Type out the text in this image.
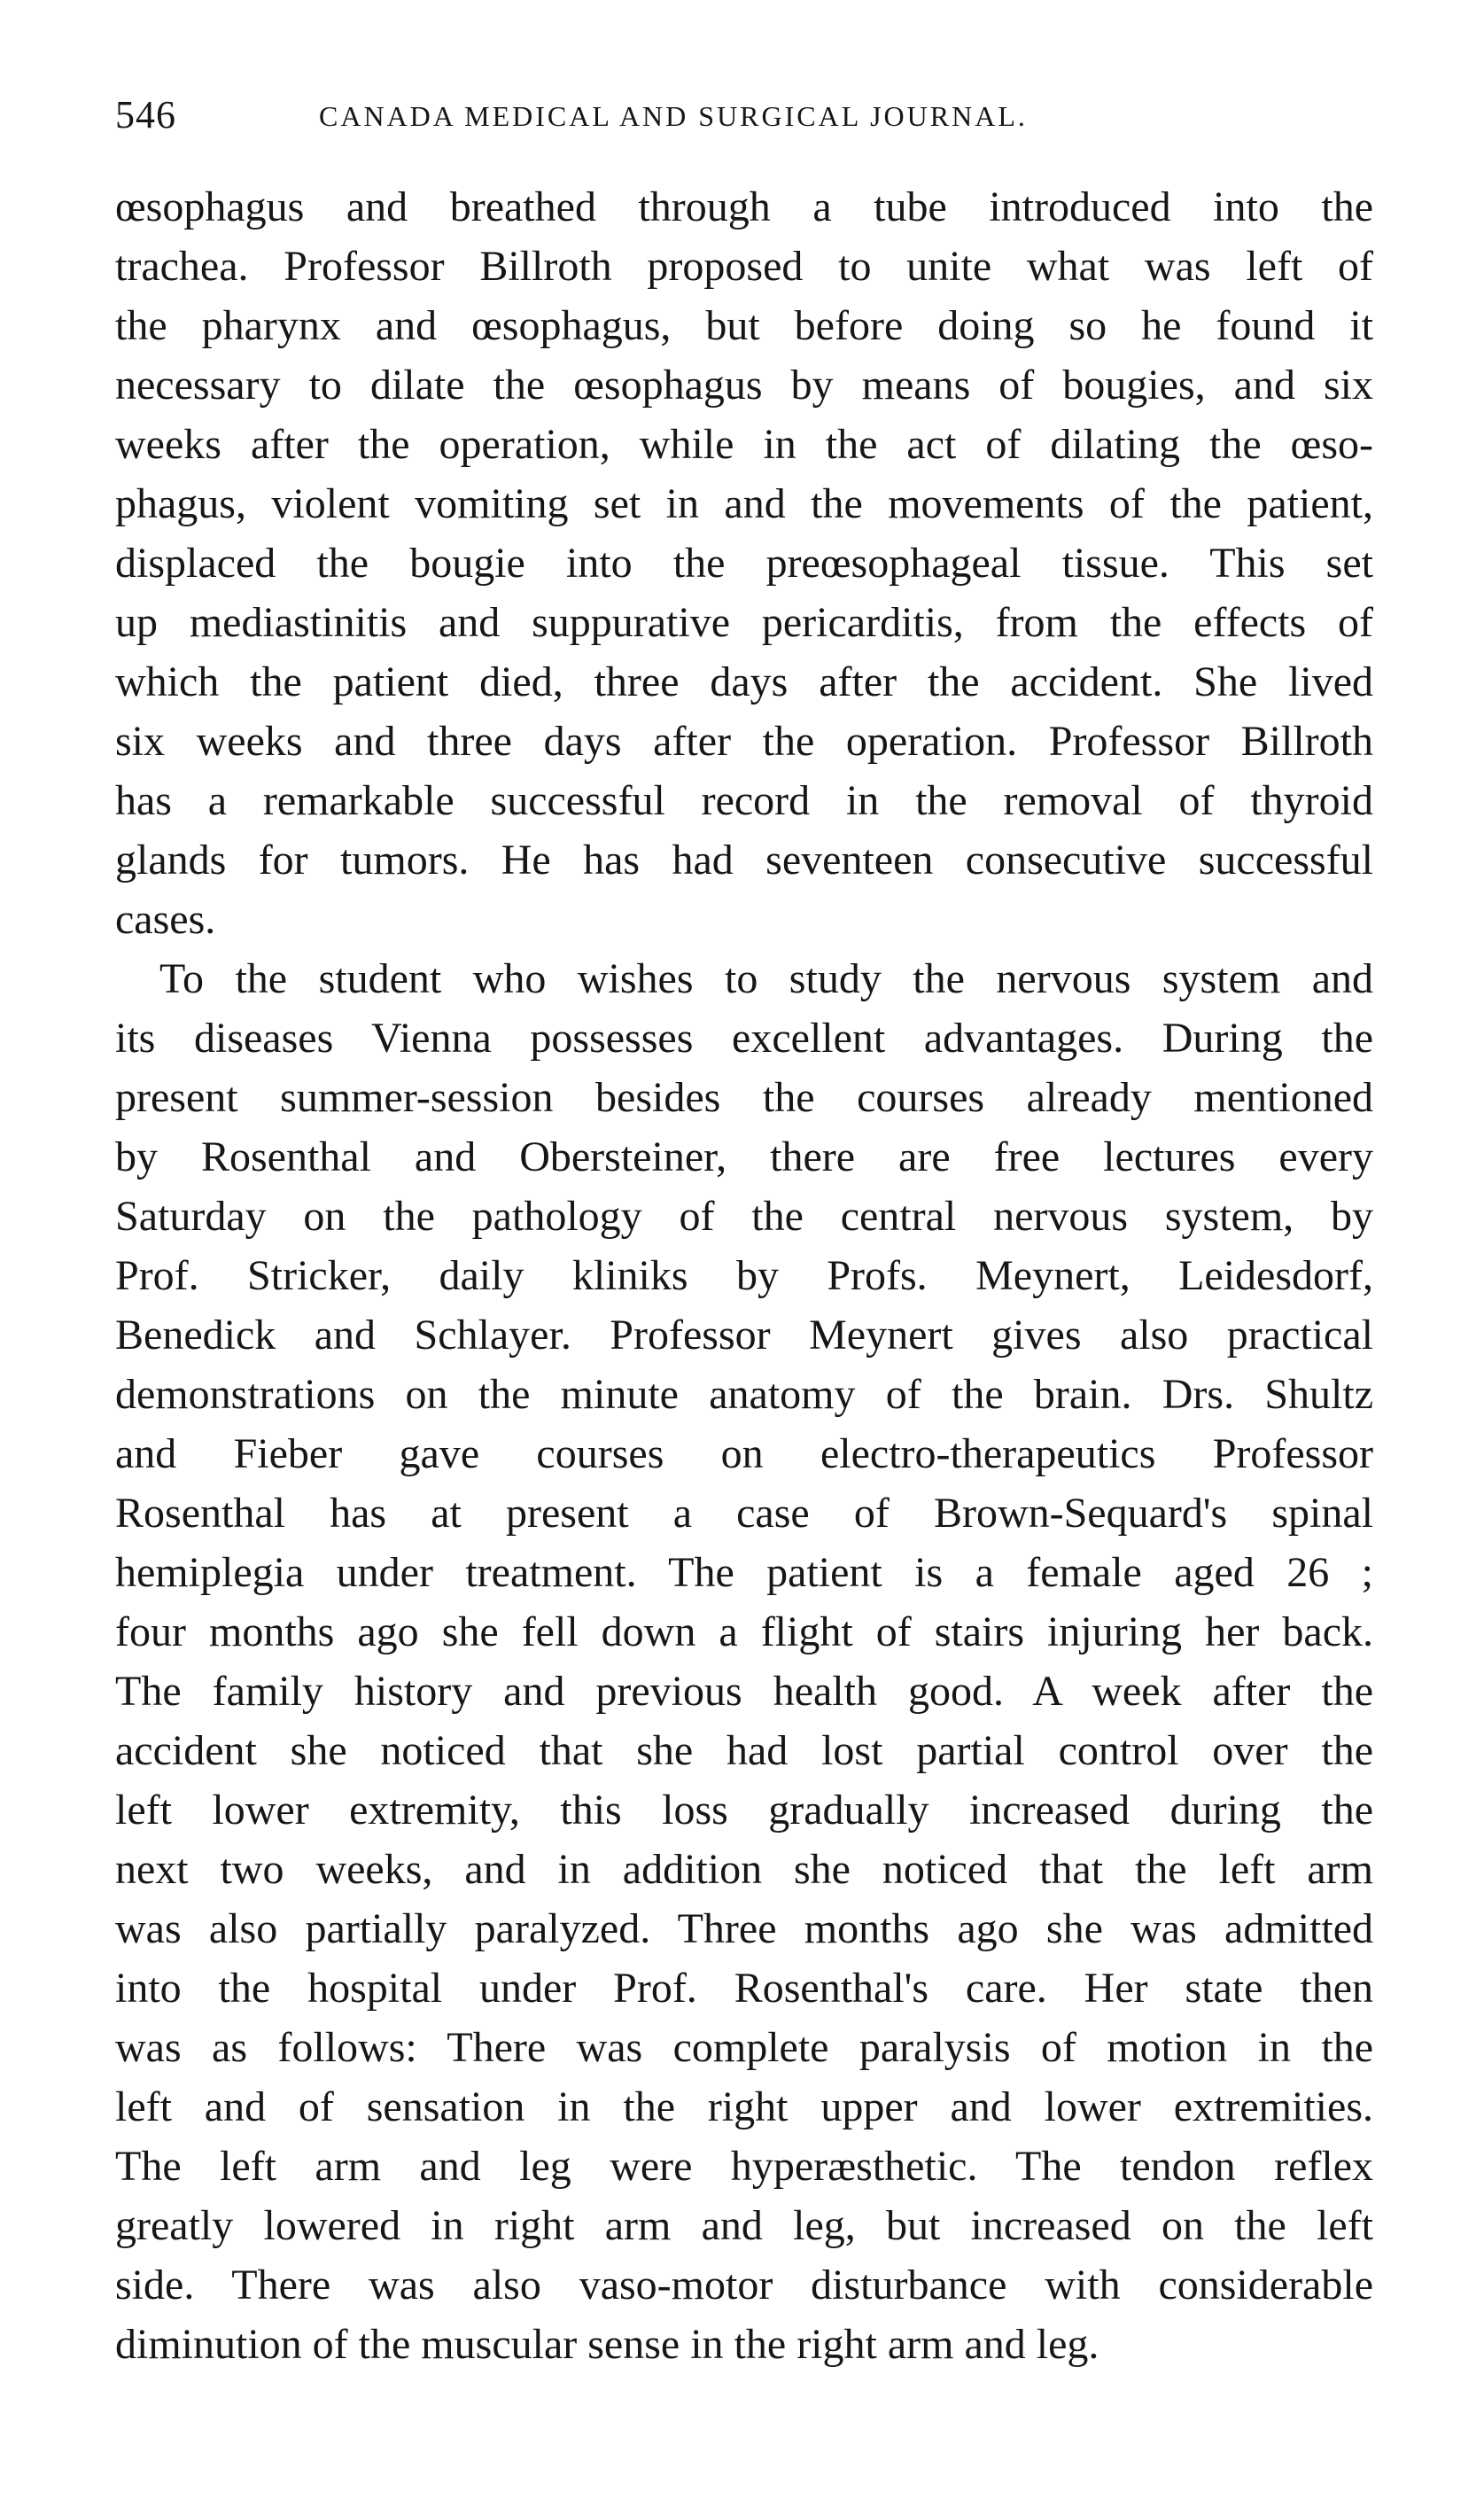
546	CANADA MEDICAL AND SURGICAL JOURNAL.
œsophagus and breathed through a tube introduced into the
trachea. Professor Billroth proposed to unite what was left of
the pharynx and œsophagus, but before doing so he found it
necessary to dilate the œsophagus by means of bougies, and six
weeks after the operation, while in the act of dilating the œso-
phagus, violent vomiting set in and the movements of the patient,
displaced the bougie into the preœsophageal tissue. This set
up mediastinitis and suppurative pericarditis, from the effects of
which the patient died, three days after the accident. She lived
six weeks and three days after the operation. Professor Billroth
has a remarkable successful record in the removal of thyroid
glands for tumors. He has had seventeen consecutive successful
cases.
To the student who wishes to study the nervous system and
its diseases Vienna possesses excellent advantages. During the
present summer-session besides the courses already mentioned
by Rosenthal and Obersteiner, there are free lectures every
Saturday on the pathology of the central nervous system, by
Prof. Stricker, daily kliniks by Profs. Meynert, Leidesdorf,
Benedick and Schlayer. Professor Meynert gives also practical
demonstrations on the minute anatomy of the brain. Drs. Shultz
and Fieber gave courses on electro-therapeutics Professor
Rosenthal has at present a case of Brown-Sequard's spinal
hemiplegia under treatment. The patient is a female aged 26 ;
four months ago she fell down a flight of stairs injuring her back.
The family history and previous health good. A week after the
accident she noticed that she had lost partial control over the
left lower extremity, this loss gradually increased during the
next two weeks, and in addition she noticed that the left arm
was also partially paralyzed. Three months ago she was admitted
into the hospital under Prof. Rosenthal's care. Her state then
was as follows: There was complete paralysis of motion in the
left and of sensation in the right upper and lower extremities.
The left arm and leg were hyperæsthetic. The tendon reflex
greatly lowered in right arm and leg, but increased on the left
side. There was also vaso-motor disturbance with considerable
diminution of the muscular sense in the right arm and leg.
